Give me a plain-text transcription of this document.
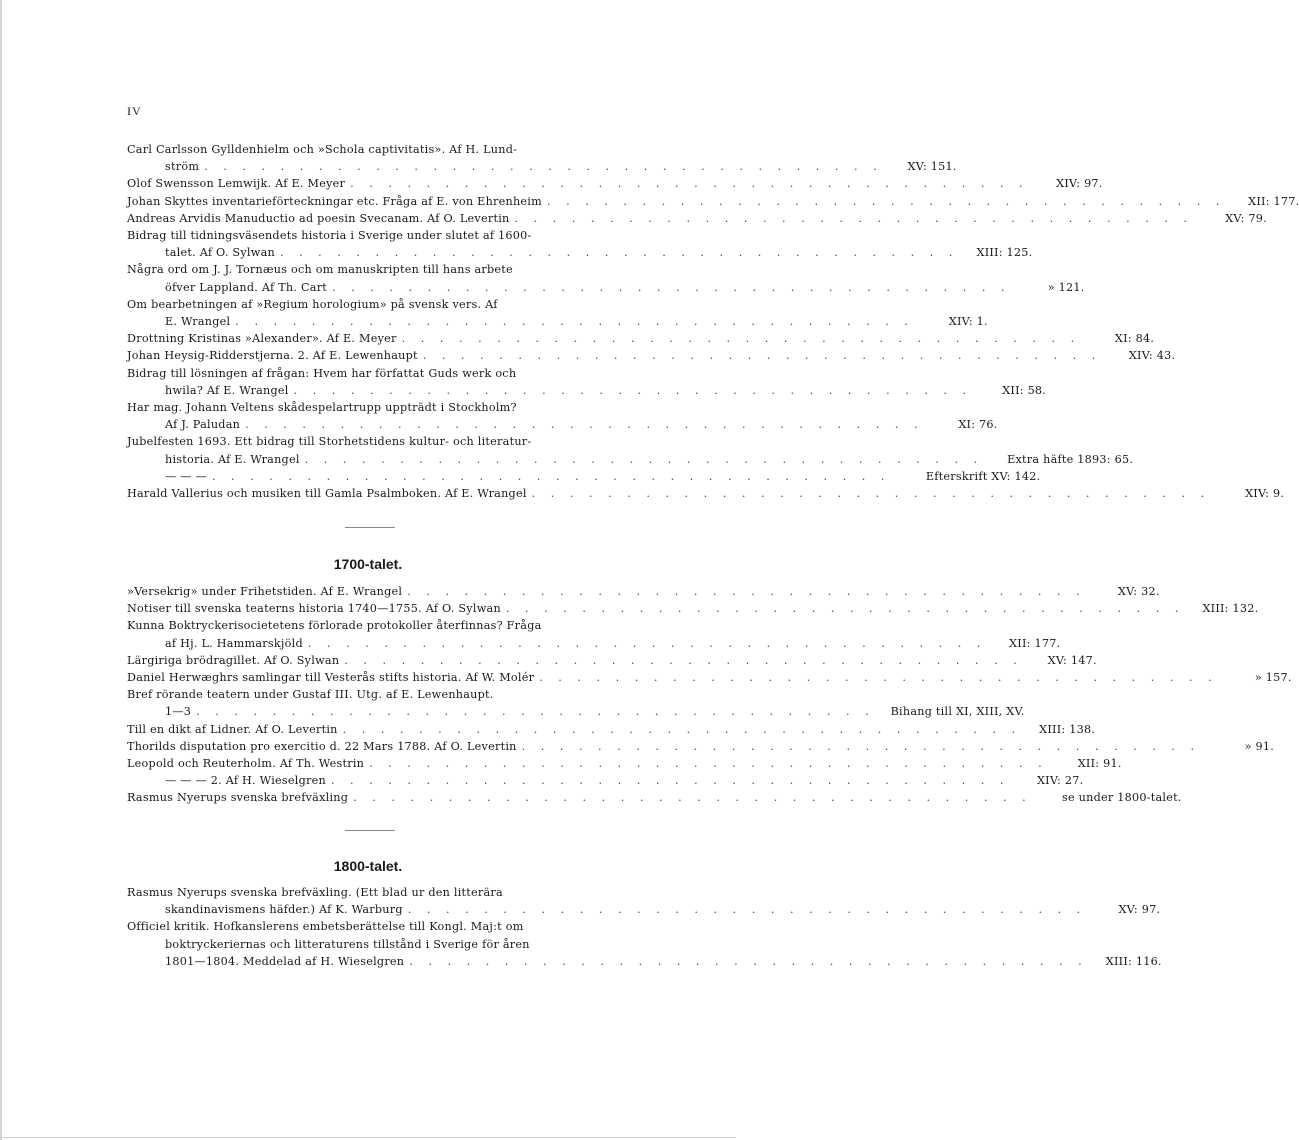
IV
Carl Carlsson Gylldenhielm och »Schola captivitatis». Af H. Lund-
ström . . . . . . . . . . . . . . . . . . . . . . . . . . . . . . . . . . . .	XV: 151.
Olof Swensson Lemwijk. Af E. Meyer . . . . . . . . . . . . . . . . . . . . . . . . . . . . . . . . . . . .	XIV: 97.
Johan Skyttes inventarieförteckningar etc. Fråga af E. von Ehrenheim . . . . . . . . . . . . . . . . . . . . . . . . . . . . . . . . . . . .	XII: 177.
Andreas Arvidis Manuductio ad poesin Svecanam. Af O. Levertin . . . . . . . . . . . . . . . . . . . . . . . . . . . . . . . . . . . .	XV: 79.
Bidrag till tidningsväsendets historia i Sverige under slutet af 1600-
talet. Af O. Sylwan . . . . . . . . . . . . . . . . . . . . . . . . . . . . . . . . . . . .	XIII: 125.
Några ord om J. J. Tornæus och om manuskripten till hans arbete
öfver Lappland. Af Th. Cart . . . . . . . . . . . . . . . . . . . . . . . . . . . . . . . . . . . .	» 121.
Om bearbetningen af »Regium horologium» på svensk vers. Af
E. Wrangel . . . . . . . . . . . . . . . . . . . . . . . . . . . . . . . . . . . .	XIV: 1.
Drottning Kristinas »Alexander». Af E. Meyer . . . . . . . . . . . . . . . . . . . . . . . . . . . . . . . . . . . .	XI: 84.
Johan Heysig-Ridderstjerna. 2. Af E. Lewenhaupt . . . . . . . . . . . . . . . . . . . . . . . . . . . . . . . . . . . .	XIV: 43.
Bidrag till lösningen af frågan: Hvem har författat Guds werk och
hwila? Af E. Wrangel . . . . . . . . . . . . . . . . . . . . . . . . . . . . . . . . . . . .	XII: 58.
Har mag. Johann Veltens skådespelartrupp uppträdt i Stockholm?
Af J. Paludan . . . . . . . . . . . . . . . . . . . . . . . . . . . . . . . . . . . .	XI: 76.
Jubelfesten 1693. Ett bidrag till Storhetstidens kultur- och literatur-
historia. Af E. Wrangel . . . . . . . . . . . . . . . . . . . . . . . . . . . . . . . . . . . .	Extra häfte 1893: 65.
— — — . . . . . . . . . . . . . . . . . . . . . . . . . . . . . . . . . . . .	Efterskrift XV: 142.
Harald Vallerius och musiken till Gamla Psalmboken. Af E. Wrangel . . . . . . . . . . . . . . . . . . . . . . . . . . . . . . . . . . . .	XIV: 9.
1700-talet.
»Versekrig» under Frihetstiden. Af E. Wrangel . . . . . . . . . . . . . . . . . . . . . . . . . . . . . . . . . . . .	XV: 32.
Notiser till svenska teaterns historia 1740—1755. Af O. Sylwan . . . . . . . . . . . . . . . . . . . . . . . . . . . . . . . . . . . .	XIII: 132.
Kunna Boktryckerisocietetens förlorade protokoller återfinnas? Fråga
af Hj. L. Hammarskjöld . . . . . . . . . . . . . . . . . . . . . . . . . . . . . . . . . . . .	XII: 177.
Lärgiriga brödragillet. Af O. Sylwan . . . . . . . . . . . . . . . . . . . . . . . . . . . . . . . . . . . .	XV: 147.
Daniel Herwæghrs samlingar till Vesterås stifts historia. Af W. Molér . . . . . . . . . . . . . . . . . . . . . . . . . . . . . . . . . . . .	» 157.
Bref rörande teatern under Gustaf III. Utg. af E. Lewenhaupt.
1—3 . . . . . . . . . . . . . . . . . . . . . . . . . . . . . . . . . . . .	Bihang till XI, XIII, XV.
Till en dikt af Lidner. Af O. Levertin . . . . . . . . . . . . . . . . . . . . . . . . . . . . . . . . . . . .	XIII: 138.
Thorilds disputation pro exercitio d. 22 Mars 1788. Af O. Levertin . . . . . . . . . . . . . . . . . . . . . . . . . . . . . . . . . . . .	» 91.
Leopold och Reuterholm. Af Th. Westrin . . . . . . . . . . . . . . . . . . . . . . . . . . . . . . . . . . . .	XII: 91.
— — — 2. Af H. Wieselgren . . . . . . . . . . . . . . . . . . . . . . . . . . . . . . . . . . . .	XIV: 27.
Rasmus Nyerups svenska brefväxling . . . . . . . . . . . . . . . . . . . . . . . . . . . . . . . . . . . .	se under 1800-talet.
1800-talet.
Rasmus Nyerups svenska brefväxling. (Ett blad ur den litterära
skandinavismens häfder.) Af K. Warburg . . . . . . . . . . . . . . . . . . . . . . . . . . . . . . . . . . . .	XV: 97.
Officiel kritik. Hofkanslerens embetsberättelse till Kongl. Maj:t om
boktryckeriernas och litteraturens tillstånd i Sverige för åren
1801—1804. Meddelad af H. Wieselgren . . . . . . . . . . . . . . . . . . . . . . . . . . . . . . . . . . . .	XIII: 116.
